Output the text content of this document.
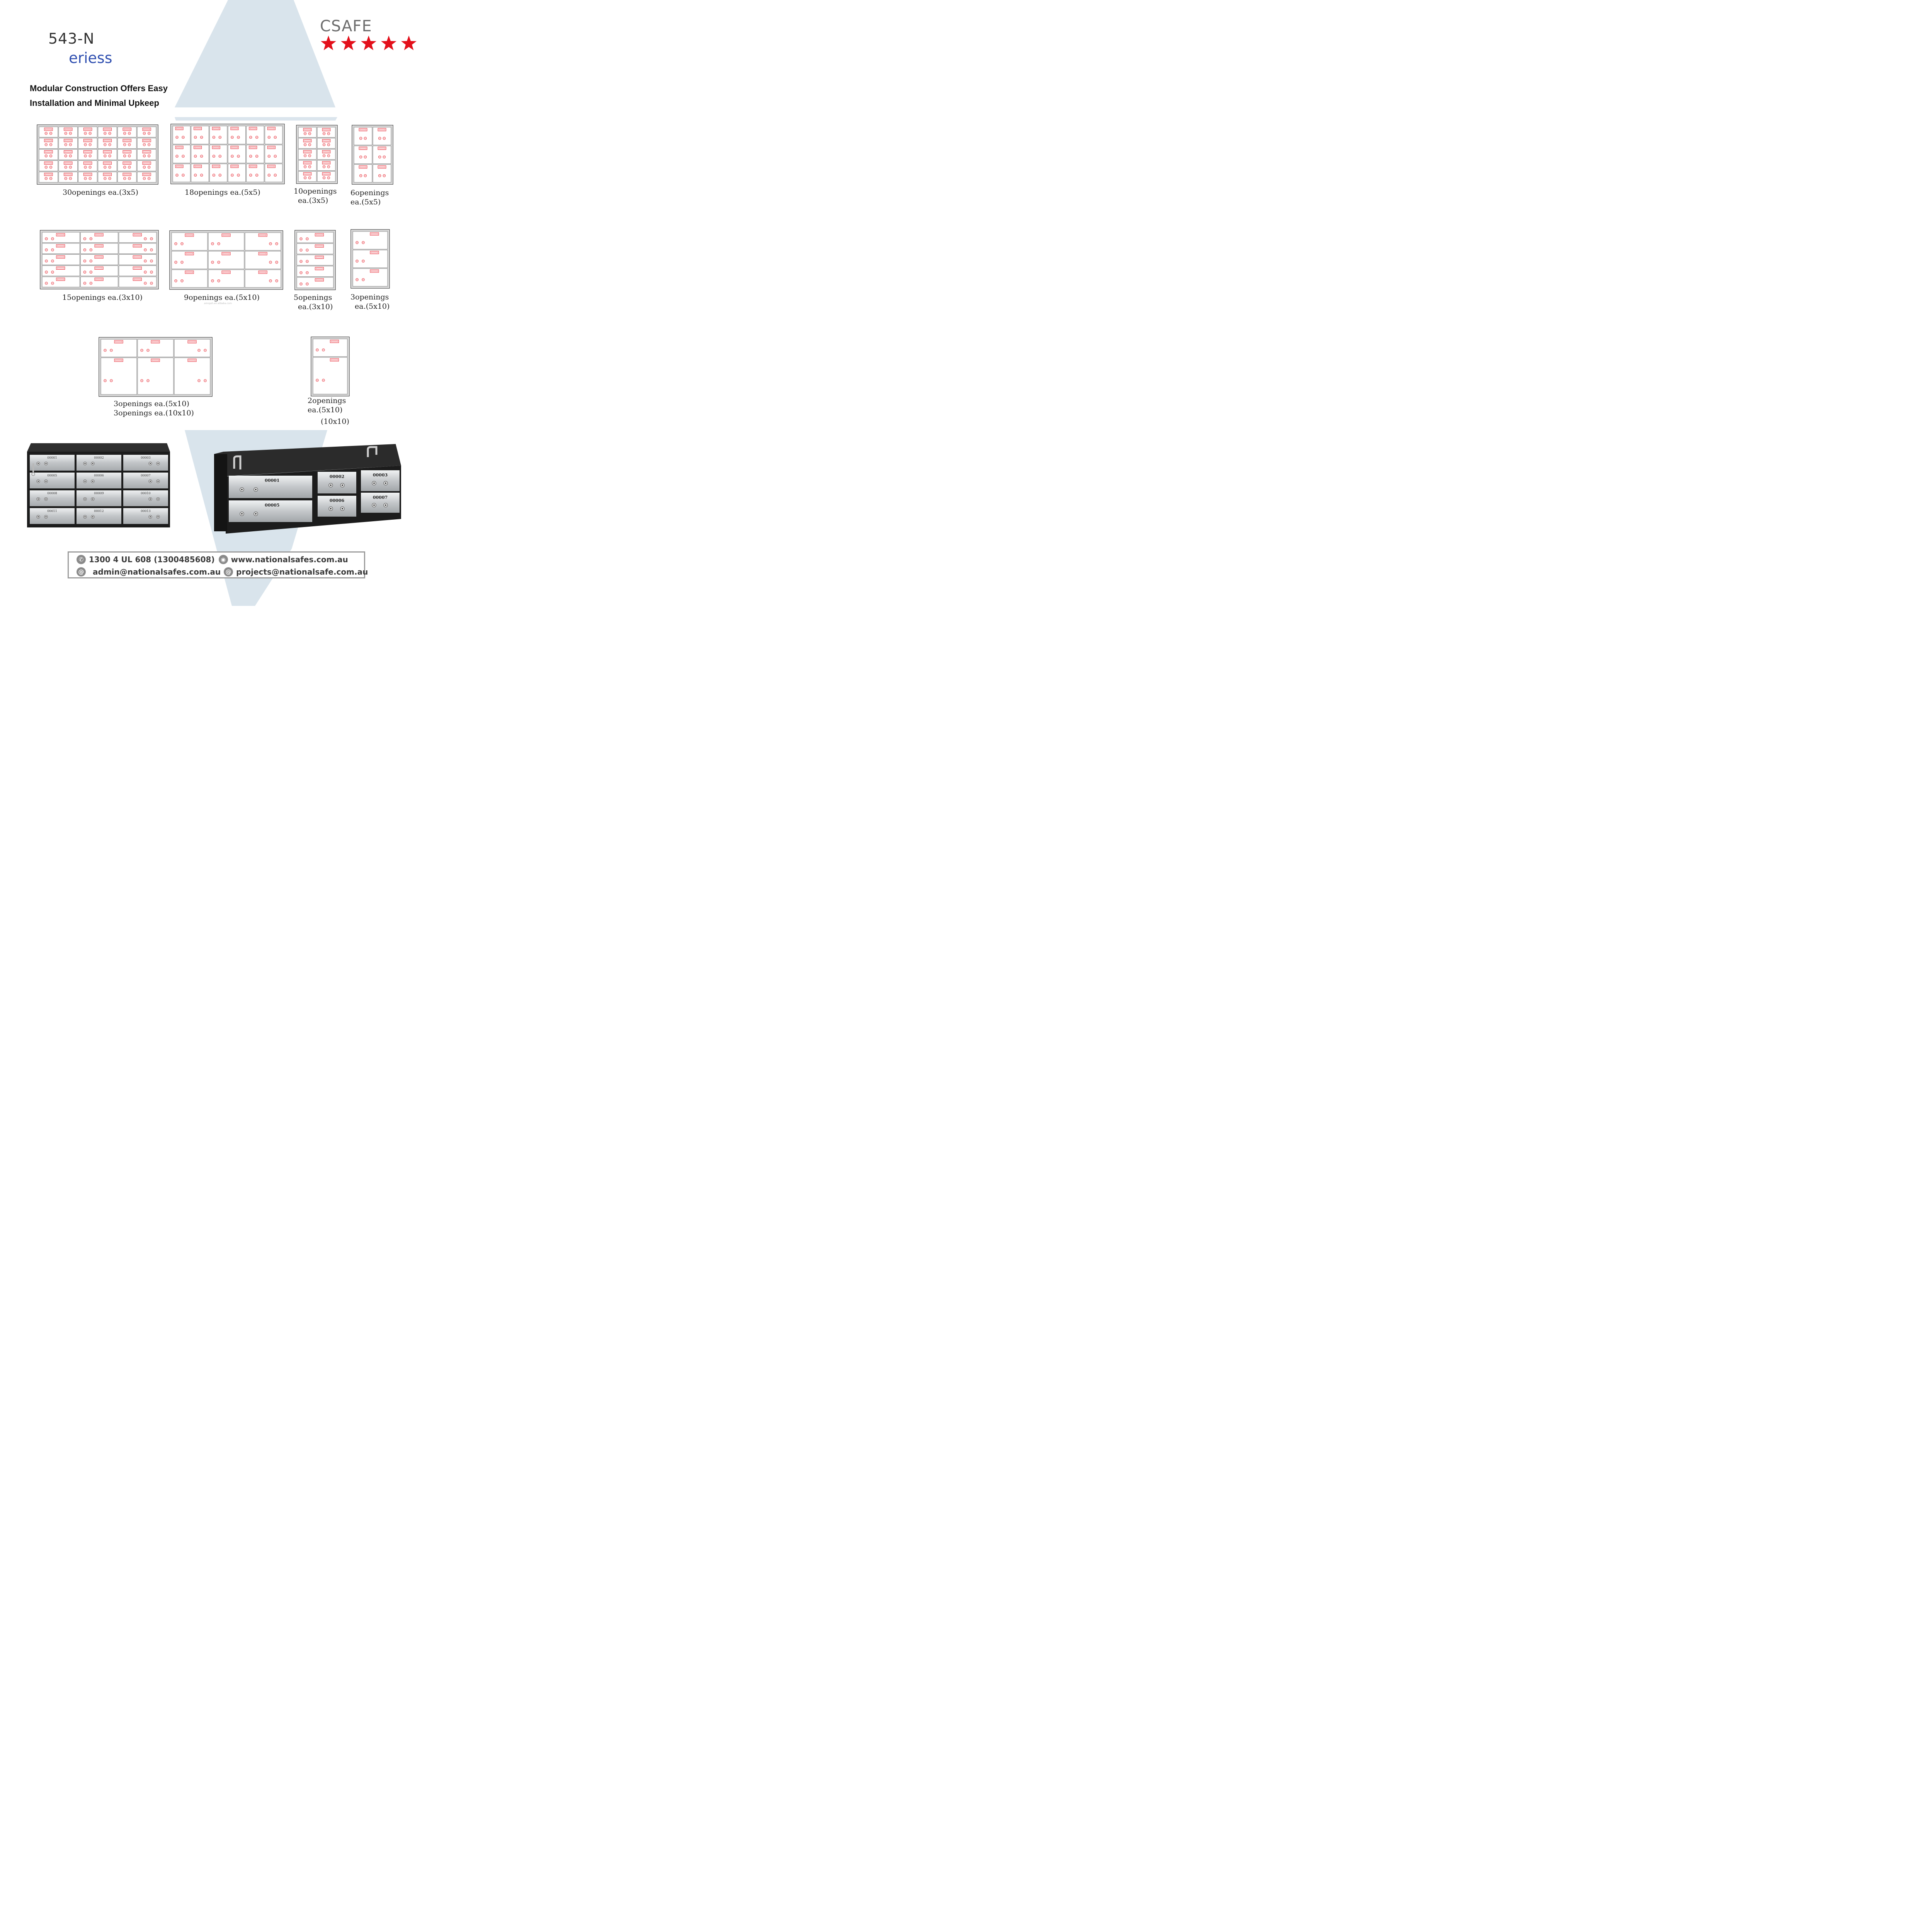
543-N
eriess
CSAFE
Modular Construction Offers Easy
Installation and Minimal Upkeep
30openings ea.(3x5)	18openings ea.(5x5)	10openings
ea.(3x5)
6openings
ea.(5x5)
15openings ea.(3x10)	9openings ea.(5x10)	5openings
ea.(3x10)
3openings
ea.(5x10)
3openings ea.(5x10)
3openings ea.(10x10)
2openings
ea.(5x10)
(10x10)
amopsh.en.alibaba.com
00001	00002	00003
00005	00006	00007
00008	00009	00010
00011	00012	00013
00001
00002	00003
00005
00006
00007
✆ 1300 4 UL 608 (1300485608)	◉ www.nationalsafes.com.au
@ admin@nationalsafes.com.au @ projects@nationalsafe.com.au
